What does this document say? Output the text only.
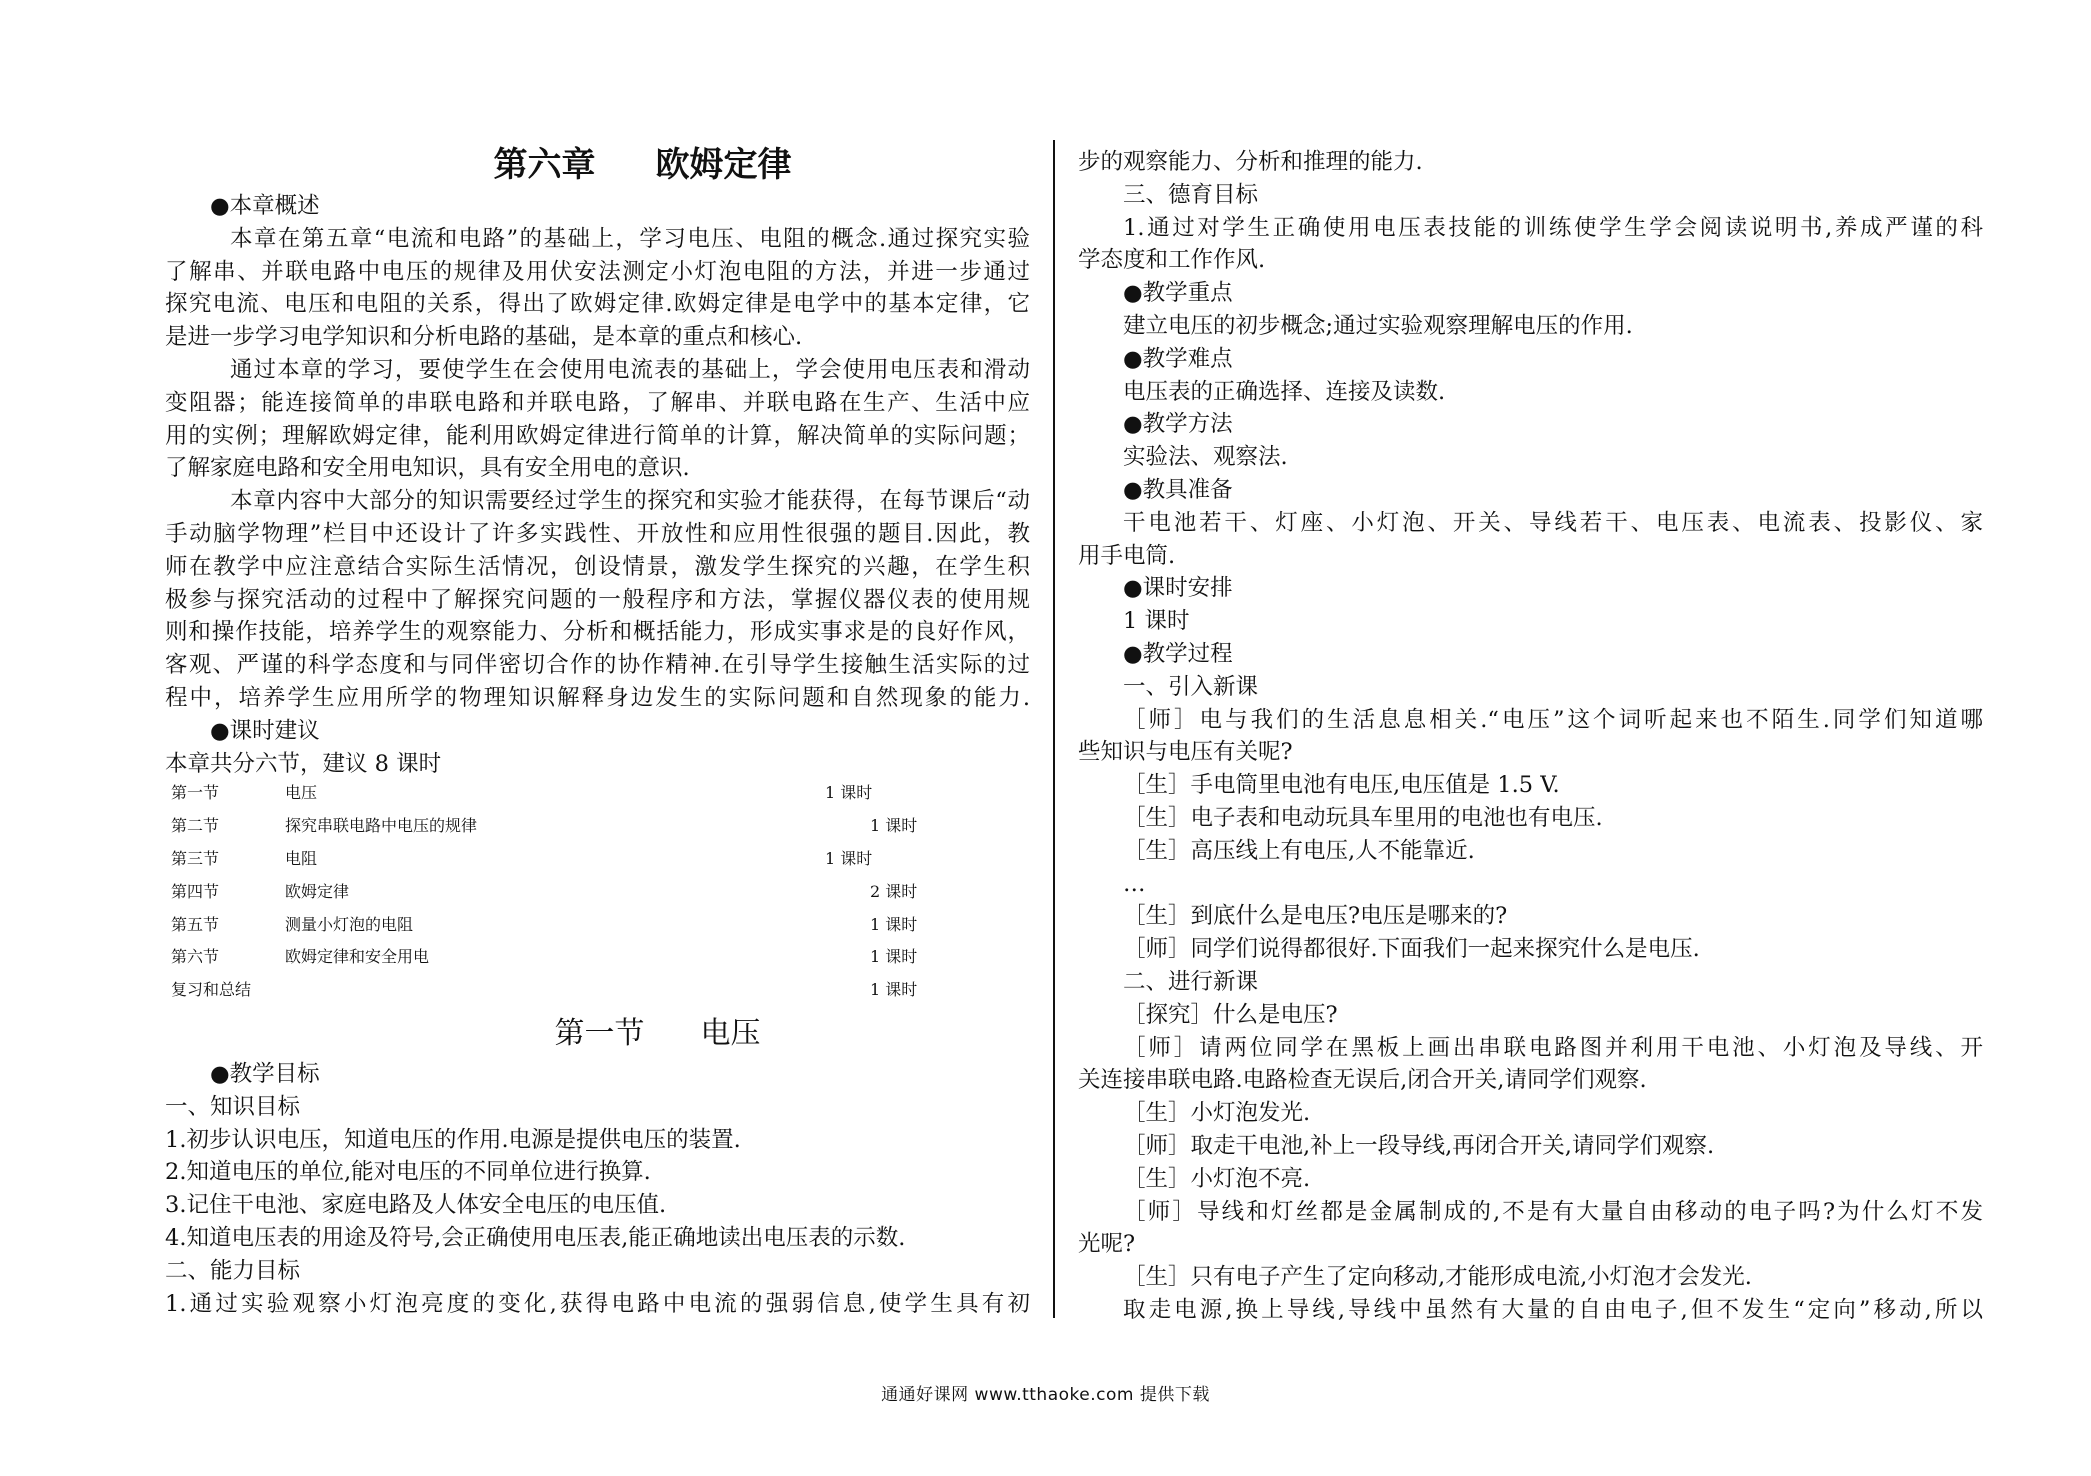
第六章 欧姆定律
●本章概述
本章在第五章“电流和电路”的基础上，学习电压、电阻的概念.通过探究实验
了解串、并联电路中电压的规律及用伏安法测定小灯泡电阻的方法，并进一步通过
探究电流、电压和电阻的关系，得出了欧姆定律.欧姆定律是电学中的基本定律，它
是进一步学习电学知识和分析电路的基础，是本章的重点和核心.
通过本章的学习，要使学生在会使用电流表的基础上，学会使用电压表和滑动
变阻器；能连接简单的串联电路和并联电路，了解串、并联电路在生产、生活中应
用的实例；理解欧姆定律，能利用欧姆定律进行简单的计算，解决简单的实际问题；
了解家庭电路和安全用电知识，具有安全用电的意识.
本章内容中大部分的知识需要经过学生的探究和实验才能获得，在每节课后“动
手动脑学物理”栏目中还设计了许多实践性、开放性和应用性很强的题目.因此，教
师在教学中应注意结合实际生活情况，创设情景，激发学生探究的兴趣，在学生积
极参与探究活动的过程中了解探究问题的一般程序和方法，掌握仪器仪表的使用规
则和操作技能，培养学生的观察能力、分析和概括能力，形成实事求是的良好作风，
客观、严谨的科学态度和与同伴密切合作的协作精神.在引导学生接触生活实际的过
程中，培养学生应用所学的物理知识解释身边发生的实际问题和自然现象的能力.
●课时建议
本章共分六节，建议 8 课时
第一节	电压	1 课时
第二节	探究串联电路中电压的规律	1 课时
第三节	电阻	1 课时
第四节	欧姆定律	2 课时
第五节	测量小灯泡的电阻	1 课时
第六节	欧姆定律和安全用电	1 课时
复习和总结	1 课时
第一节 电压
●教学目标
一、知识目标
1.初步认识电压，知道电压的作用.电源是提供电压的装置.
2.知道电压的单位,能对电压的不同单位进行换算.
3.记住干电池、家庭电路及人体安全电压的电压值.
4.知道电压表的用途及符号,会正确使用电压表,能正确地读出电压表的示数.
二、能力目标
1.通过实验观察小灯泡亮度的变化,获得电路中电流的强弱信息,使学生具有初
步的观察能力、分析和推理的能力.
三、德育目标
1.通过对学生正确使用电压表技能的训练使学生学会阅读说明书,养成严谨的科
学态度和工作作风.
●教学重点
建立电压的初步概念;通过实验观察理解电压的作用.
●教学难点
电压表的正确选择、连接及读数.
●教学方法
实验法、观察法.
●教具准备
干电池若干、灯座、小灯泡、开关、导线若干、电压表、电流表、投影仪、家
用手电筒.
●课时安排
1 课时
●教学过程
一、引入新课
［师］电与我们的生活息息相关.“电压”这个词听起来也不陌生.同学们知道哪
些知识与电压有关呢?
［生］手电筒里电池有电压,电压值是 1.5 V.
［生］电子表和电动玩具车里用的电池也有电压.
［生］高压线上有电压,人不能靠近.
…
［生］到底什么是电压?电压是哪来的?
［师］同学们说得都很好.下面我们一起来探究什么是电压.
二、进行新课
［探究］什么是电压?
［师］请两位同学在黑板上画出串联电路图并利用干电池、小灯泡及导线、开
关连接串联电路.电路检查无误后,闭合开关,请同学们观察.
［生］小灯泡发光.
［师］取走干电池,补上一段导线,再闭合开关,请同学们观察.
［生］小灯泡不亮.
［师］导线和灯丝都是金属制成的,不是有大量自由移动的电子吗?为什么灯不发
光呢?
［生］只有电子产生了定向移动,才能形成电流,小灯泡才会发光.
取走电源,换上导线,导线中虽然有大量的自由电子,但不发生“定向”移动,所以
通通好课网 www.tthaoke.com 提供下载
